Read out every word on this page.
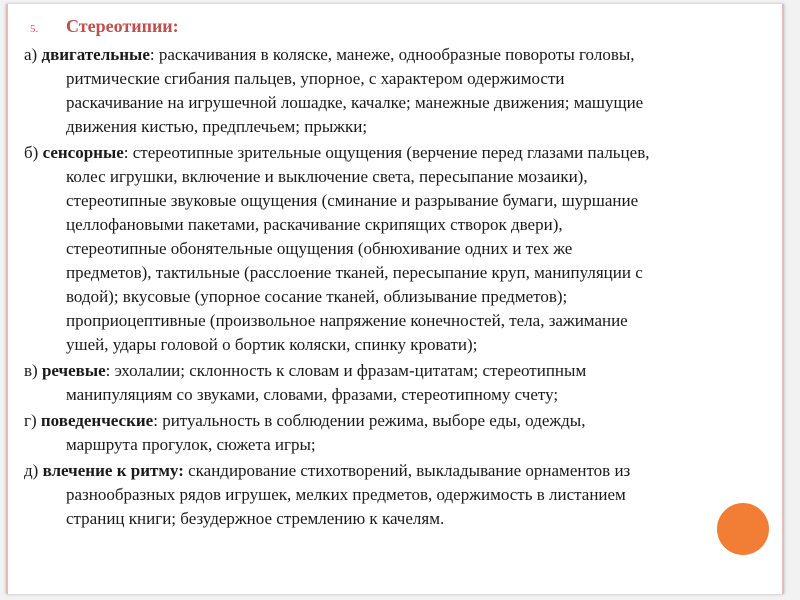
5.	Стереотипии:
а) двигательные: раскачивания в коляске, манеже, однообразные повороты головы,
ритмические сгибания пальцев, упорное, с характером одержимости
раскачивание на игрушечной лошадке, качалке; манежные движения; машущие
движения кистью, предплечьем; прыжки;
б) сенсорные: стереотипные зрительные ощущения (верчение перед глазами пальцев,
колес игрушки, включение и выключение света, пересыпание мозаики),
стереотипные звуковые ощущения (сминание и разрывание бумаги, шуршание
целлофановыми пакетами, раскачивание скрипящих створок двери),
стереотипные обонятельные ощущения (обнюхивание одних и тех же
предметов), тактильные (расслоение тканей, пересыпание круп, манипуляции с
водой); вкусовые (упорное сосание тканей, облизывание предметов);
проприоцептивные (произвольное напряжение конечностей, тела, зажимание
ушей, удары головой о бортик коляски, спинку кровати);
в) речевые: эхолалии; склонность к словам и фразам-цитатам; стереотипным
манипуляциям со звуками, словами, фразами, стереотипному счету;
г) поведенческие: ритуальность в соблюдении режима, выборе еды, одежды,
маршрута прогулок, сюжета игры;
д) влечение к ритму: скандирование стихотворений, выкладывание орнаментов из
разнообразных рядов игрушек, мелких предметов, одержимость в листанием
страниц книги; безудержное стремлению к качелям.
